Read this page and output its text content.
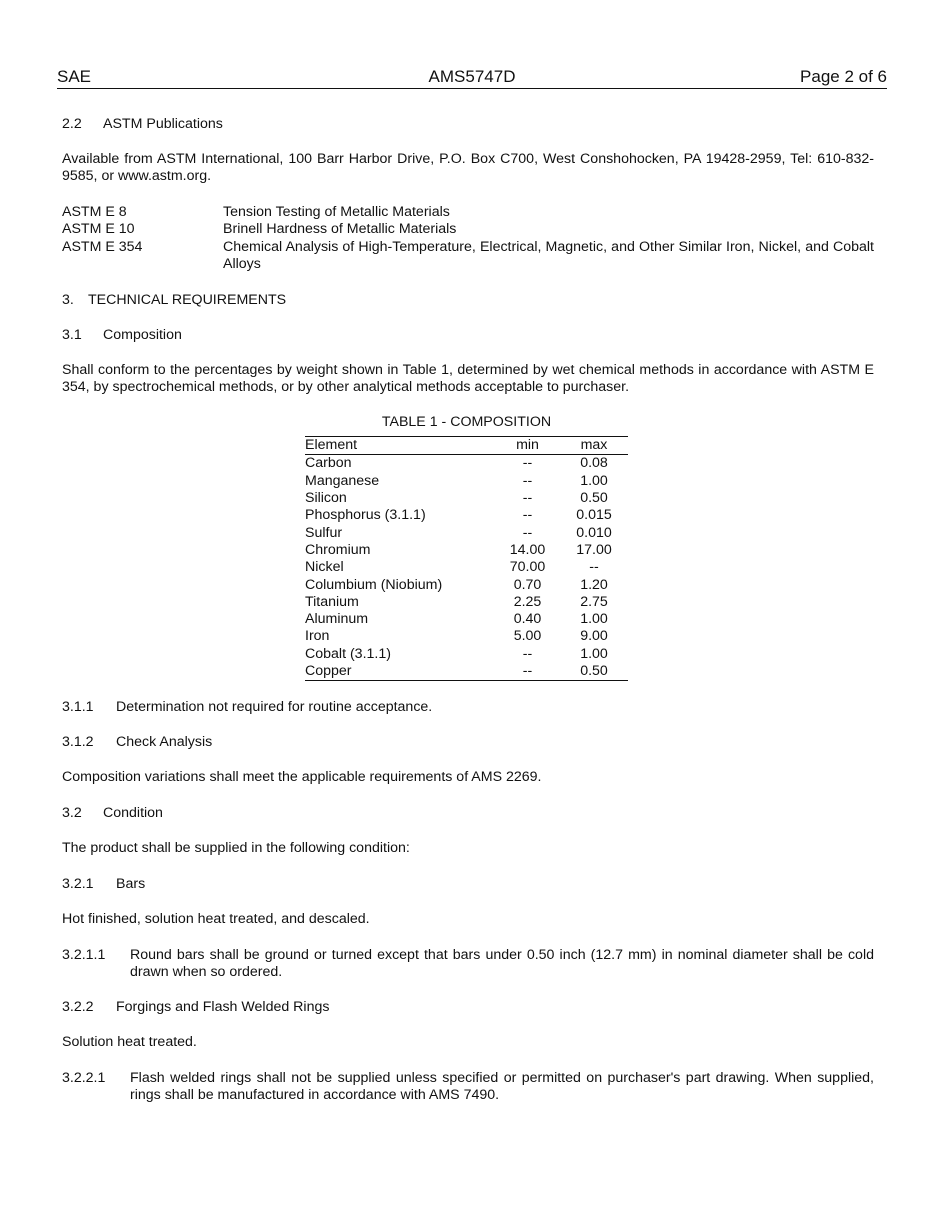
SAE	AMS5747D	Page 2 of 6
2.2 ASTM Publications
Available from ASTM International, 100 Barr Harbor Drive, P.O. Box C700, West Conshohocken, PA 19428-2959, Tel: 610-832-9585, or www.astm.org.
ASTM E 8	Tension Testing of Metallic Materials
ASTM E 10	Brinell Hardness of Metallic Materials
ASTM E 354	Chemical Analysis of High-Temperature, Electrical, Magnetic, and Other Similar Iron, Nickel, and Cobalt Alloys
3. TECHNICAL REQUIREMENTS
3.1 Composition
Shall conform to the percentages by weight shown in Table 1, determined by wet chemical methods in accordance with ASTM E 354, by spectrochemical methods, or by other analytical methods acceptable to purchaser.
TABLE 1 - COMPOSITION
Element	min	max
Carbon	--	0.08
Manganese	--	1.00
Silicon	--	0.50
Phosphorus (3.1.1)	--	0.015
Sulfur	--	0.010
Chromium	14.00	17.00
Nickel	70.00	--
Columbium (Niobium)	0.70	1.20
Titanium	2.25	2.75
Aluminum	0.40	1.00
Iron	5.00	9.00
Cobalt (3.1.1)	--	1.00
Copper	--	0.50
3.1.1 Determination not required for routine acceptance.
3.1.2 Check Analysis
Composition variations shall meet the applicable requirements of AMS 2269.
3.2 Condition
The product shall be supplied in the following condition:
3.2.1 Bars
Hot finished, solution heat treated, and descaled.
3.2.1.1 Round bars shall be ground or turned except that bars under 0.50 inch (12.7 mm) in nominal diameter shall be cold drawn when so ordered.
3.2.2 Forgings and Flash Welded Rings
Solution heat treated.
3.2.2.1 Flash welded rings shall not be supplied unless specified or permitted on purchaser's part drawing. When supplied, rings shall be manufactured in accordance with AMS 7490.
